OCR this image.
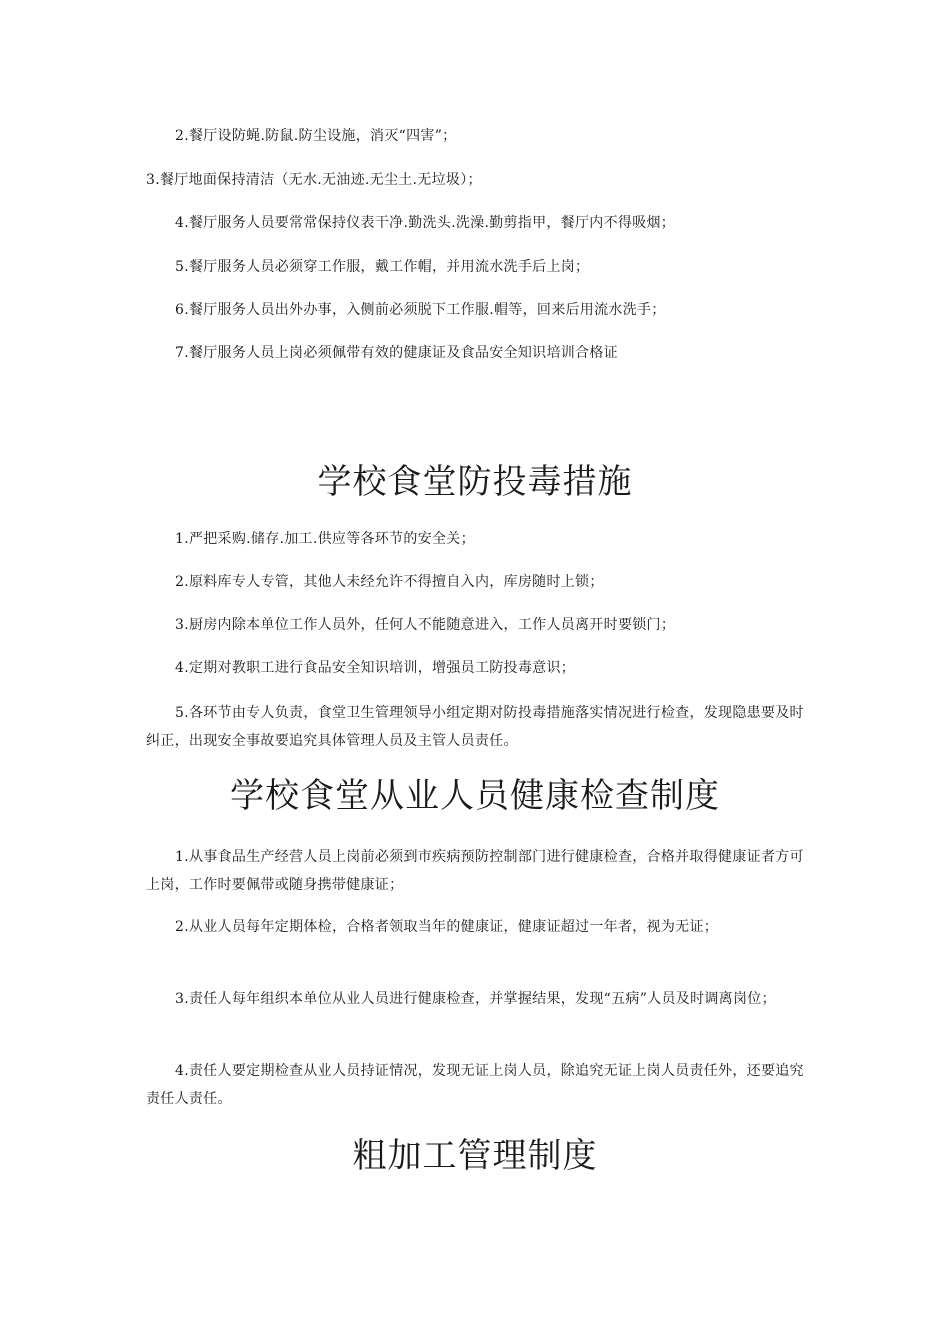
2.餐厅设防蝇.防鼠.防尘设施，消灭“四害”；
3.餐厅地面保持清洁（无水.无油迹.无尘土.无垃圾）；
4.餐厅服务人员要常常保持仪表干净.勤洗头.洗澡.勤剪指甲，餐厅内不得吸烟；
5.餐厅服务人员必须穿工作服，戴工作帽，并用流水洗手后上岗；
6.餐厅服务人员出外办事，入侧前必须脱下工作服.帽等，回来后用流水洗手；
7.餐厅服务人员上岗必须佩带有效的健康证及食品安全知识培训合格证
学校食堂防投毒措施
1.严把采购.储存.加工.供应等各环节的安全关；
2.原料库专人专管，其他人未经允许不得擅自入内，库房随时上锁；
3.厨房内除本单位工作人员外，任何人不能随意进入，工作人员离开时要锁门；
4.定期对教职工进行食品安全知识培训，增强员工防投毒意识；
5.各环节由专人负责，食堂卫生管理领导小组定期对防投毒措施落实情况进行检查，发现隐患要及时纠正，出现安全事故要追究具体管理人员及主管人员责任。
学校食堂从业人员健康检查制度
1.从事食品生产经营人员上岗前必须到市疾病预防控制部门进行健康检查，合格并取得健康证者方可上岗，工作时要佩带或随身携带健康证；
2.从业人员每年定期体检，合格者领取当年的健康证，健康证超过一年者，视为无证；
3.责任人每年组织本单位从业人员进行健康检查，并掌握结果，发现“五病”人员及时调离岗位；
4.责任人要定期检查从业人员持证情况，发现无证上岗人员，除追究无证上岗人员责任外，还要追究责任人责任。
粗加工管理制度
